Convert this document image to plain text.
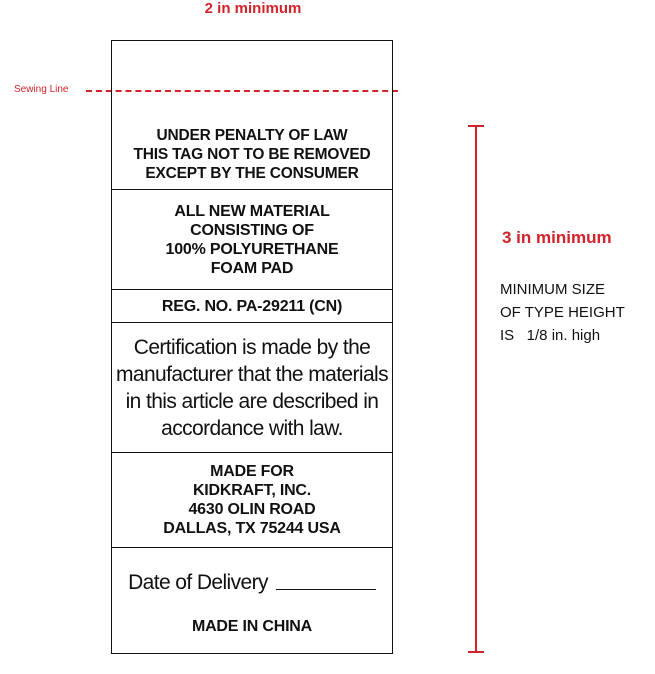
2 in minimum
Sewing Line
UNDER PENALTY OF LAW
THIS TAG NOT TO BE REMOVED
EXCEPT BY THE CONSUMER
ALL NEW MATERIAL
CONSISTING OF
100% POLYURETHANE
FOAM PAD
REG. NO. PA-29211 (CN)
Certification is made by the
manufacturer that the materials
in this article are described in
accordance with law.
MADE FOR
KIDKRAFT, INC.
4630 OLIN ROAD
DALLAS, TX 75244 USA
Date of Delivery
MADE IN CHINA
3 in minimum
MINIMUM SIZE
OF TYPE HEIGHT
IS   1/8 in. high
